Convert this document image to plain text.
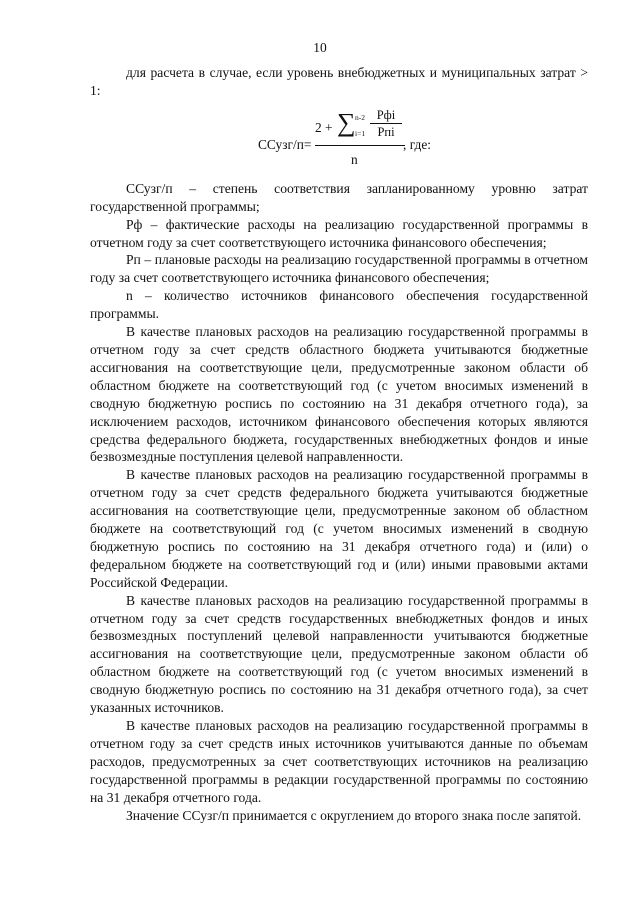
10

для расчета в случае, если уровень внебюджетных и муниципальных затрат > 1:

ССузг/п=
2 + ∑ n-2
i=1
Рфi
Pпi
n
, где:

ССузг/п – степень соответствия запланированному уровню затрат государственной программы;

Рф – фактические расходы на реализацию государственной программы в отчетном году за счет соответствующего источника финансового обеспечения;

Рп – плановые расходы на реализацию государственной программы в отчетном году за счет соответствующего источника финансового обеспечения;

n – количество источников финансового обеспечения государственной программы.

В качестве плановых расходов на реализацию государственной программы в отчетном году за счет средств областного бюджета учитываются бюджетные ассигнования на соответствующие цели, предусмотренные законом области об областном бюджете на соответствующий год (с учетом вносимых изменений в сводную бюджетную роспись по состоянию на 31 декабря отчетного года), за исключением расходов, источником финансового обеспечения которых являются средства федерального бюджета, государственных внебюджетных фондов и иные безвозмездные поступления целевой направленности.

В качестве плановых расходов на реализацию государственной программы в отчетном году за счет средств федерального бюджета учитываются бюджетные ассигнования на соответствующие цели, предусмотренные законом об областном бюджете на соответствующий год (с учетом вносимых изменений в сводную бюджетную роспись по состоянию на 31 декабря отчетного года) и (или) о федеральном бюджете на соответствующий год и (или) иными правовыми актами Российской Федерации.

В качестве плановых расходов на реализацию государственной программы в отчетном году за счет средств государственных внебюджетных фондов и иных безвозмездных поступлений целевой направленности учитываются бюджетные ассигнования на соответствующие цели, предусмотренные законом области об областном бюджете на соответствующий год (с учетом вносимых изменений в сводную бюджетную роспись по состоянию на 31 декабря отчетного года), за счет указанных источников.

В качестве плановых расходов на реализацию государственной программы в отчетном году за счет средств иных источников учитываются данные по объемам расходов, предусмотренных за счет соответствующих источников на реализацию государственной программы в редакции государственной программы по состоянию на 31 декабря отчетного года.

Значение ССузг/п принимается с округлением до второго знака после запятой.
